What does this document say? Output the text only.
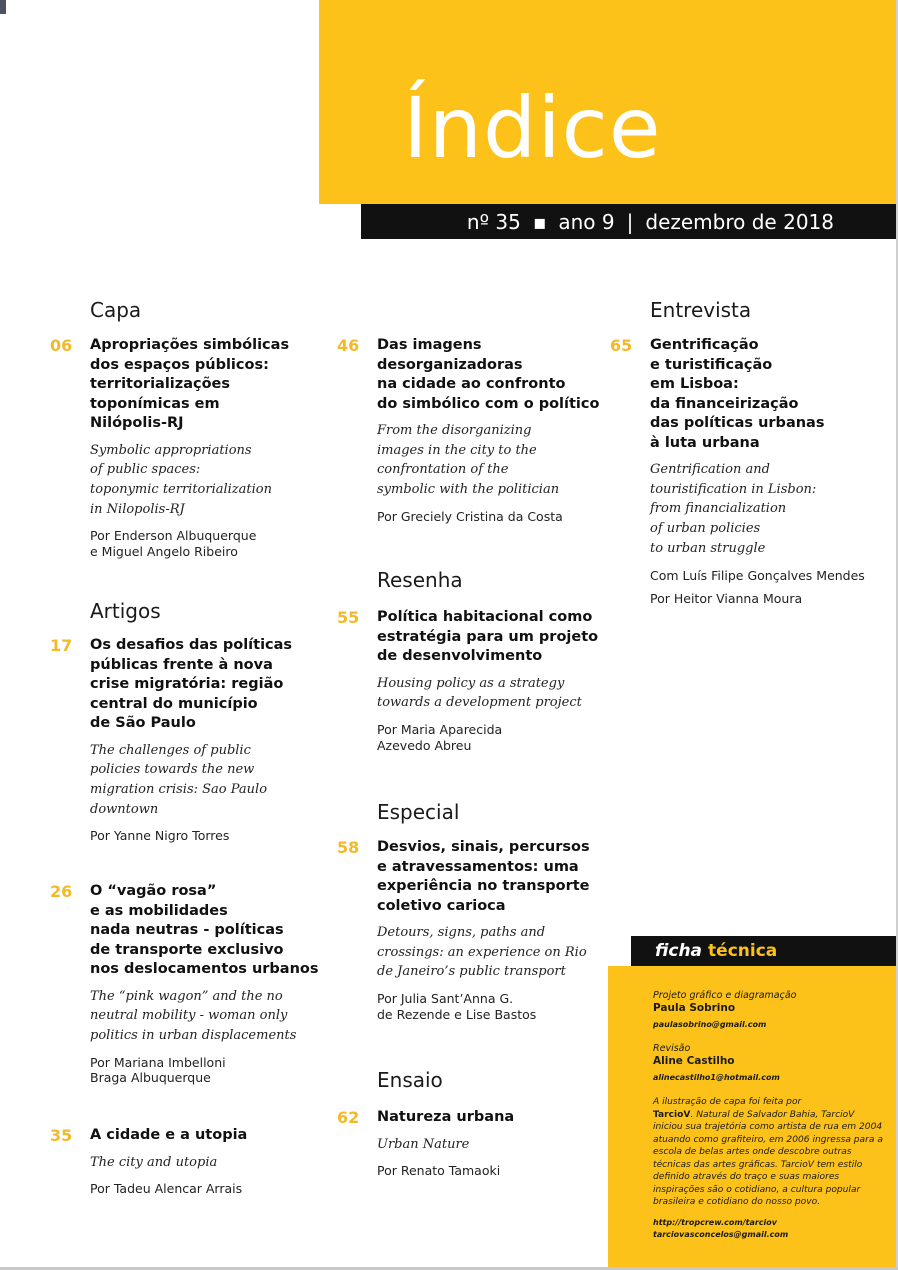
Índice
nº 35 ▪ ano 9 | dezembro de 2018
Capa
06	Apropriações simbólicas
dos espaços públicos:
territorializações
toponímicas em
Nilópolis-RJ

Symbolic appropriations
of public spaces:
toponymic territorialization
in Nilopolis-RJ

Por Enderson Albuquerque
e Miguel Angelo Ribeiro

Artigos
17	Os desafios das políticas
públicas frente à nova
crise migratória: região
central do município
de São Paulo

The challenges of public
policies towards the new
migration crisis: Sao Paulo
downtown

Por Yanne Nigro Torres

26	O “vagão rosa”
e as mobilidades
nada neutras - políticas
de transporte exclusivo
nos deslocamentos urbanos

The “pink wagon” and the no
neutral mobility - woman only
politics in urban displacements

Por Mariana Imbelloni
Braga Albuquerque

35	A cidade e a utopia

The city and utopia

Por Tadeu Alencar Arrais

46	Das imagens
desorganizadoras
na cidade ao confronto
do simbólico com o político

From the disorganizing
images in the city to the
confrontation of the
symbolic with the politician

Por Greciely Cristina da Costa

Resenha
55	Política habitacional como
estratégia para um projeto
de desenvolvimento

Housing policy as a strategy
towards a development project

Por Maria Aparecida
Azevedo Abreu

Especial
58	Desvios, sinais, percursos
e atravessamentos: uma
experiência no transporte
coletivo carioca

Detours, signs, paths and
crossings: an experience on Rio
de Janeiro’s public transport

Por Julia Sant’Anna G.
de Rezende e Lise Bastos

Ensaio
62	Natureza urbana

Urban Nature

Por Renato Tamaoki

Entrevista
65	Gentrificação
e turistificação
em Lisboa:
da financeirização
das políticas urbanas
à luta urbana

Gentrification and
touristification in Lisbon:
from financialization
of urban policies
to urban struggle

Com Luís Filipe Gonçalves Mendes

Por Heitor Vianna Moura

ficha técnica

Projeto gráfico e diagramação

Paula Sobrino

paulasobrino@gmail.com

Revisão

Aline Castilho

alinecastilho1@hotmail.com

A ilustração de capa foi feita por
TarcioV. Natural de Salvador Bahia, TarcioV iniciou sua trajetória como artista de rua em 2004 atuando como grafiteiro, em 2006 ingressa para a escola de belas artes onde descobre outras técnicas das artes gráficas. TarcioV tem estilo definido através do traço e suas maiores inspirações são o cotidiano, a cultura popular brasileira e cotidiano do nosso povo.

http://tropcrew.com/tarciov

tarciovasconcelos@gmail.com
